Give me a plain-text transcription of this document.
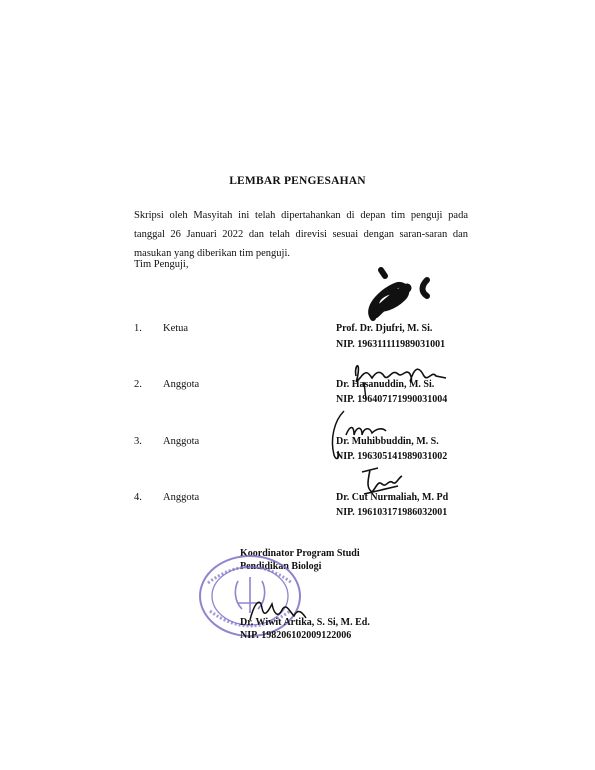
LEMBAR PENGESAHAN
Skripsi oleh Masyitah ini telah dipertahankan di depan tim penguji pada tanggal 26 Januari 2022 dan telah direvisi sesuai dengan saran-saran dan masukan yang diberikan tim penguji.
Tim Penguji,
1. Ketua	Prof. Dr. Djufri, M. Si.
NIP. 196311111989031001
2. Anggota	Dr. Hasanuddin, M. Si.
NIP. 196407171990031004
3. Anggota	Dr. Muhibbuddin, M. S.
NIP. 196305141989031002
4. Anggota	Dr. Cut Nurmaliah, M. Pd
NIP. 196103171986032001
Koordinator Program Studi
Pendidikan Biologi
Dr. Wiwit Artika, S. Si, M. Ed.
NIP. 198206102009122006
